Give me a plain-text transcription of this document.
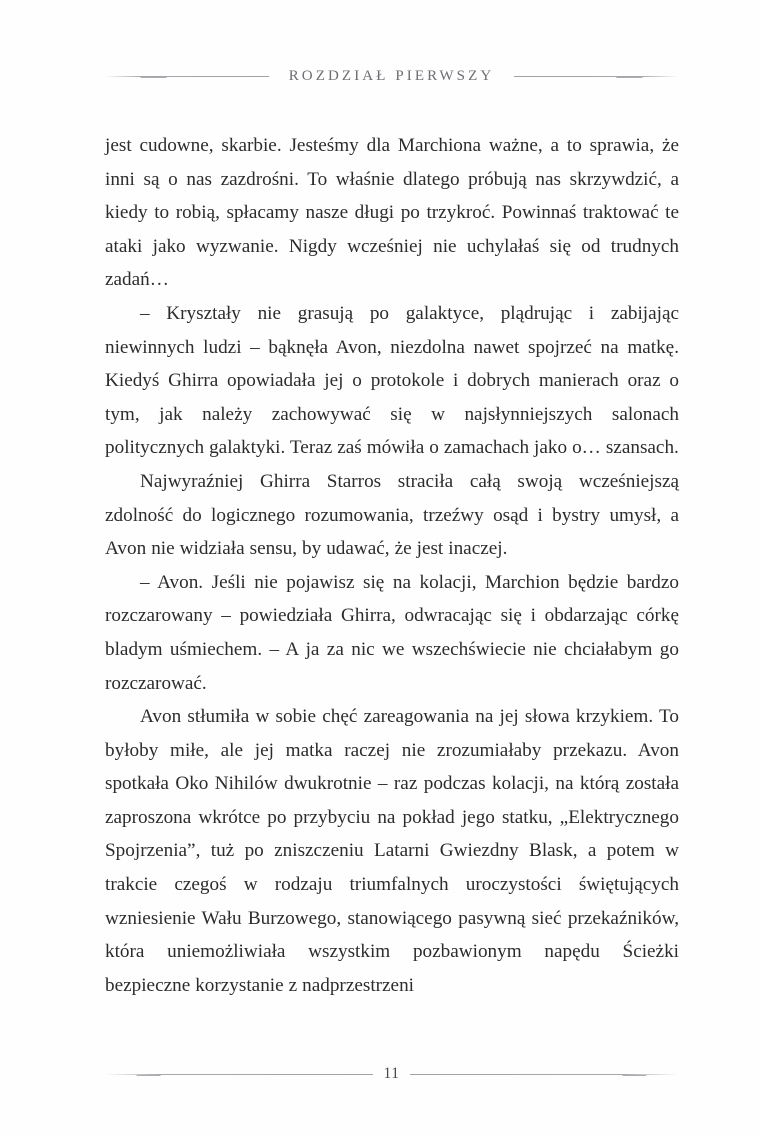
ROZDZIAŁ PIERWSZY

jest cudowne, skarbie. Jesteśmy dla Marchiona ważne, a to sprawia, że inni są o nas zazdrośni. To właśnie dlatego próbują nas skrzywdzić, a kiedy to robią, spłacamy nasze długi po trzykroć. Powinnaś traktować te ataki jako wyzwanie. Nigdy wcześniej nie uchylałaś się od trudnych zadań…

– Kryształy nie grasują po galaktyce, plądrując i zabijając niewinnych ludzi – bąknęła Avon, niezdolna nawet spojrzeć na matkę. Kiedyś Ghirra opowiadała jej o protokole i dobrych manierach oraz o tym, jak należy zachowywać się w najsłynniejszych salonach politycznych galaktyki. Teraz zaś mówiła o zamachach jako o… szansach.

Najwyraźniej Ghirra Starros straciła całą swoją wcześniejszą zdolność do logicznego rozumowania, trzeźwy osąd i bystry umysł, a Avon nie widziała sensu, by udawać, że jest inaczej.

– Avon. Jeśli nie pojawisz się na kolacji, Marchion będzie bardzo rozczarowany – powiedziała Ghirra, odwracając się i obdarzając córkę bladym uśmiechem. – A ja za nic we wszechświecie nie chciałabym go rozczarować.

Avon stłumiła w sobie chęć zareagowania na jej słowa krzykiem. To byłoby miłe, ale jej matka raczej nie zrozumiałaby przekazu. Avon spotkała Oko Nihilów dwukrotnie – raz podczas kolacji, na którą została zaproszona wkrótce po przybyciu na pokład jego statku, „Elektrycznego Spojrzenia”, tuż po zniszczeniu Latarni Gwiezdny Blask, a potem w trakcie czegoś w rodzaju triumfalnych uroczystości świętujących wzniesienie Wału Burzowego, stanowiącego pasywną sieć przekaźników, która uniemożliwiała wszystkim pozbawionym napędu Ścieżki bezpieczne korzystanie z nadprzestrzeni

11
